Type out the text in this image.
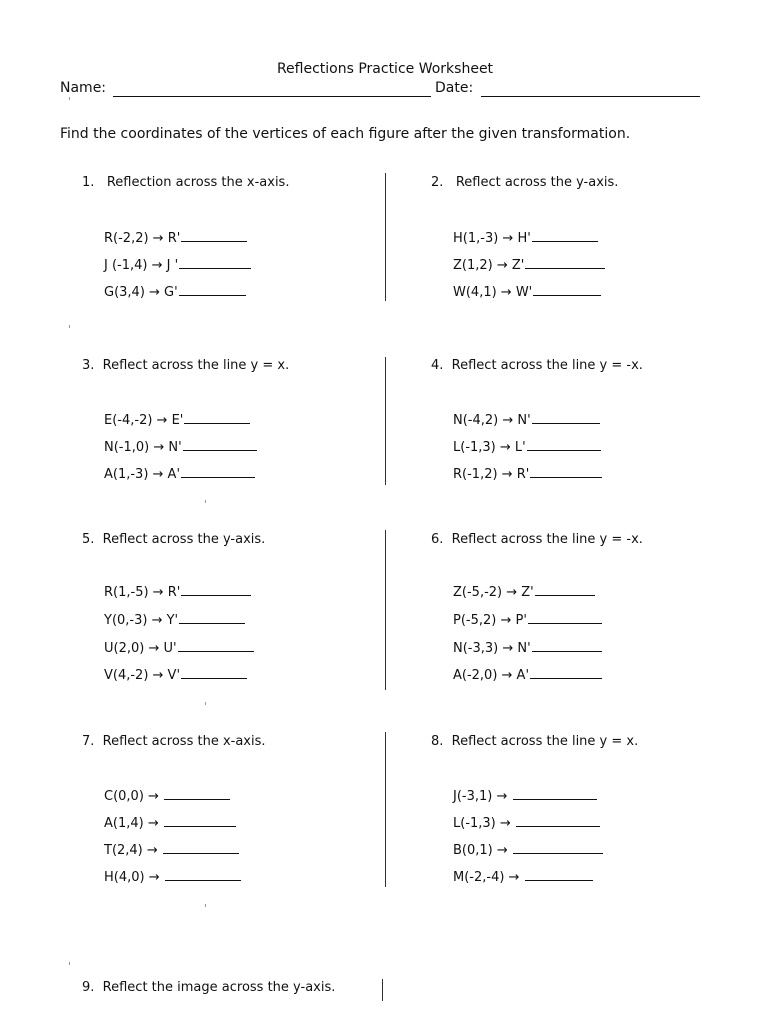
Reflections Practice Worksheet
Name:	Date:
Find the coordinates of the vertices of each figure after the given transformation.
1. Reflection across the x-axis.
R(-2,2) → R'
J (-1,4) → J '
G(3,4) → G'
2. Reflect across the y-axis.
H(1,-3) → H'
Z(1,2) → Z'
W(4,1) → W'
3. Reflect across the line y = x.
E(-4,-2) → E'
N(-1,0) → N'
A(1,-3) → A'
4. Reflect across the line y = -x.
N(-4,2) → N'
L(-1,3) → L'
R(-1,2) → R'
5. Reflect across the y-axis.
R(1,-5) → R'
Y(0,-3) → Y'
U(2,0) → U'
V(4,-2) → V'
6. Reflect across the line y = -x.
Z(-5,-2) → Z'
P(-5,2) → P'
N(-3,3) → N'
A(-2,0) → A'
7. Reflect across the x-axis.
C(0,0) →
A(1,4) →
T(2,4) →
H(4,0) →
8. Reflect across the line y = x.
J(-3,1) →
L(-1,3) →
B(0,1) →
M(-2,-4) →
9. Reflect the image across the y-axis.
